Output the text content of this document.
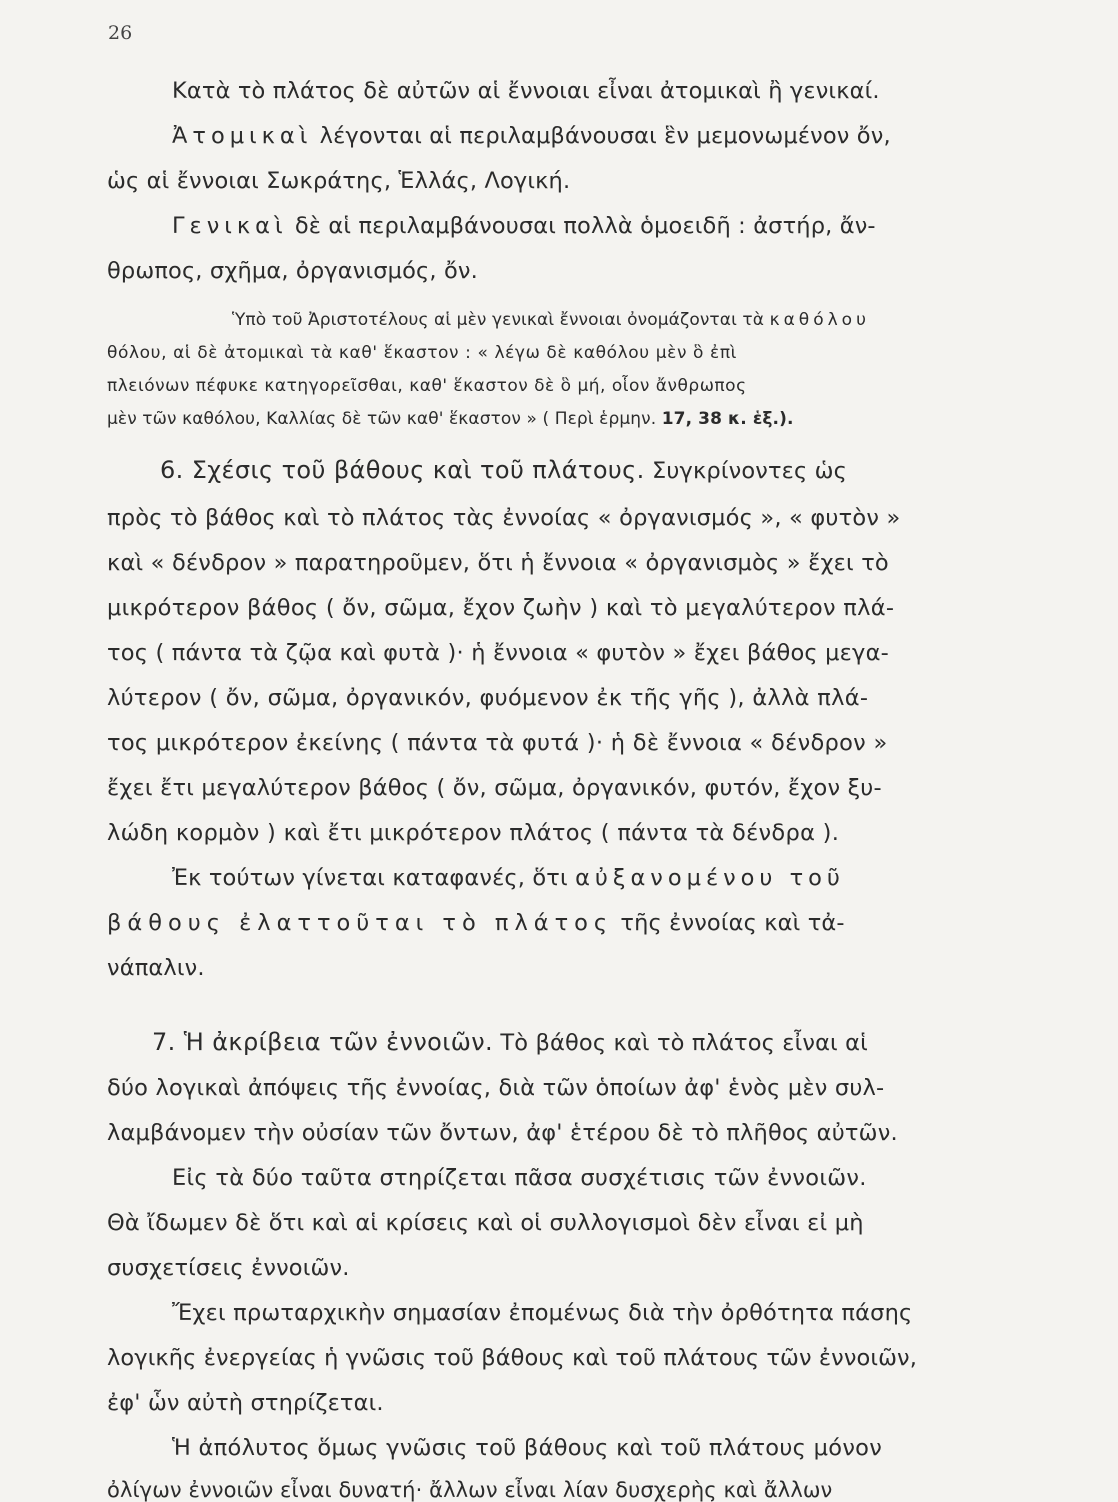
26
Κατὰ τὸ πλάτος δὲ αὐτῶν αἱ ἔννοιαι εἶναι ἀτομικαὶ ἢ γενικαί.
Ἀτομικαὶ λέγονται αἱ περιλαμβάνουσαι ἓν μεμονωμένον ὄν,
ὡς αἱ ἔννοιαι Σωκράτης, Ἑλλάς, Λογική.
Γενικαὶ δὲ αἱ περιλαμβάνουσαι πολλὰ ὁμοειδῆ : ἀστήρ, ἄν-
θρωπος, σχῆμα, ὀργανισμός, ὄν.
Ὑπὸ τοῦ Ἀριστοτέλους αἱ μὲν γενικαὶ ἔννοιαι ὀνομάζονται τὰ καθόλου
θόλου, αἱ δὲ ἀτομικαὶ τὰ καθ' ἕκαστον : « λέγω δὲ καθόλου μὲν ὃ ἐπὶ
πλειόνων πέφυκε κατηγορεῖσθαι, καθ' ἕκαστον δὲ ὃ μή, οἷον ἄνθρωπος
μὲν τῶν καθόλου, Καλλίας δὲ τῶν καθ' ἕκαστον » ( Περὶ ἑρμην. 17, 38 κ. ἑξ.).
6. Σχέσις τοῦ βάθους καὶ τοῦ πλάτους. Συγκρίνοντες ὡς
πρὸς τὸ βάθος καὶ τὸ πλάτος τὰς ἐννοίας « ὀργανισμός », « φυτὸν »
καὶ « δένδρον » παρατηροῦμεν, ὅτι ἡ ἔννοια « ὀργανισμὸς » ἔχει τὸ
μικρότερον βάθος ( ὄν, σῶμα, ἔχον ζωὴν ) καὶ τὸ μεγαλύτερον πλά-
τος ( πάντα τὰ ζῷα καὶ φυτὰ )· ἡ ἔννοια « φυτὸν » ἔχει βάθος μεγα-
λύτερον ( ὄν, σῶμα, ὀργανικόν, φυόμενον ἐκ τῆς γῆς ), ἀλλὰ πλά-
τος μικρότερον ἐκείνης ( πάντα τὰ φυτά )· ἡ δὲ ἔννοια « δένδρον »
ἔχει ἔτι μεγαλύτερον βάθος ( ὄν, σῶμα, ὀργανικόν, φυτόν, ἔχον ξυ-
λώδη κορμὸν ) καὶ ἔτι μικρότερον πλάτος ( πάντα τὰ δένδρα ).
Ἐκ τούτων γίνεται καταφανές, ὅτι αὐξανομένου τοῦ
βάθους ἐλαττοῦται τὸ πλάτος τῆς ἐννοίας καὶ τἀ-
νάπαλιν.
7. Ἡ ἀκρίβεια τῶν ἐννοιῶν. Τὸ βάθος καὶ τὸ πλάτος εἶναι αἱ
δύο λογικαὶ ἀπόψεις τῆς ἐννοίας, διὰ τῶν ὁποίων ἀφ' ἑνὸς μὲν συλ-
λαμβάνομεν τὴν οὐσίαν τῶν ὄντων, ἀφ' ἑτέρου δὲ τὸ πλῆθος αὐτῶν.
Εἰς τὰ δύο ταῦτα στηρίζεται πᾶσα συσχέτισις τῶν ἐννοιῶν.
Θὰ ἴδωμεν δὲ ὅτι καὶ αἱ κρίσεις καὶ οἱ συλλογισμοὶ δὲν εἶναι εἰ μὴ
συσχετίσεις ἐννοιῶν.
Ἔχει πρωταρχικὴν σημασίαν ἐπομένως διὰ τὴν ὀρθότητα πάσης
λογικῆς ἐνεργείας ἡ γνῶσις τοῦ βάθους καὶ τοῦ πλάτους τῶν ἐννοιῶν,
ἐφ' ὧν αὐτὴ στηρίζεται.
Ἡ ἀπόλυτος ὅμως γνῶσις τοῦ βάθους καὶ τοῦ πλάτους μόνον
ὀλίγων ἐννοιῶν εἶναι δυνατή· ἄλλων εἶναι λίαν δυσχερὴς καὶ ἄλλων
